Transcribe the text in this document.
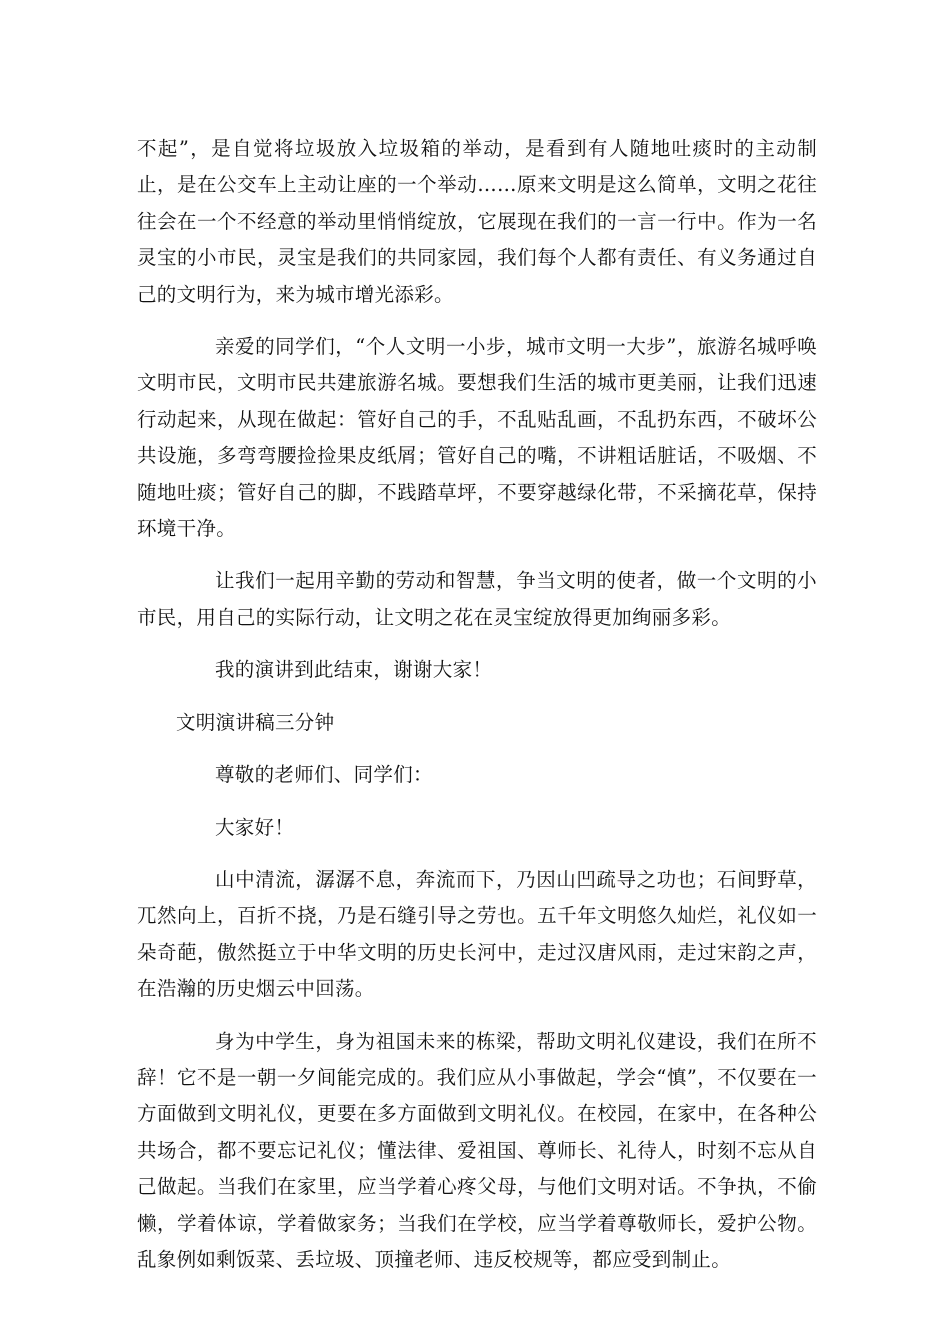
不起”，是自觉将垃圾放入垃圾箱的举动，是看到有人随地吐痰时的主动制止，是在公交车上主动让座的一个举动……原来文明是这么简单，文明之花往往会在一个不经意的举动里悄悄绽放，它展现在我们的一言一行中。作为一名灵宝的小市民，灵宝是我们的共同家园，我们每个人都有责任、有义务通过自己的文明行为，来为城市增光添彩。

亲爱的同学们，“个人文明一小步，城市文明一大步”，旅游名城呼唤文明市民，文明市民共建旅游名城。要想我们生活的城市更美丽，让我们迅速行动起来，从现在做起：管好自己的手，不乱贴乱画，不乱扔东西，不破坏公共设施，多弯弯腰捡捡果皮纸屑；管好自己的嘴，不讲粗话脏话，不吸烟、不随地吐痰；管好自己的脚，不践踏草坪，不要穿越绿化带，不采摘花草，保持环境干净。

让我们一起用辛勤的劳动和智慧，争当文明的使者，做一个文明的小市民，用自己的实际行动，让文明之花在灵宝绽放得更加绚丽多彩。

我的演讲到此结束，谢谢大家！

文明演讲稿三分钟

尊敬的老师们、同学们：

大家好！

山中清流，潺潺不息，奔流而下，乃因山凹疏导之功也；石间野草，兀然向上，百折不挠，乃是石缝引导之劳也。五千年文明悠久灿烂，礼仪如一朵奇葩，傲然挺立于中华文明的历史长河中，走过汉唐风雨，走过宋韵之声，在浩瀚的历史烟云中回荡。

身为中学生，身为祖国未来的栋梁，帮助文明礼仪建设，我们在所不辞！它不是一朝一夕间能完成的。我们应从小事做起，学会“慎”，不仅要在一方面做到文明礼仪，更要在多方面做到文明礼仪。在校园，在家中，在各种公共场合，都不要忘记礼仪；懂法律、爱祖国、尊师长、礼待人，时刻不忘从自己做起。当我们在家里，应当学着心疼父母，与他们文明对话。不争执，不偷懒，学着体谅，学着做家务；当我们在学校，应当学着尊敬师长，爱护公物。乱象例如剩饭菜、丢垃圾、顶撞老师、违反校规等，都应受到制止。
